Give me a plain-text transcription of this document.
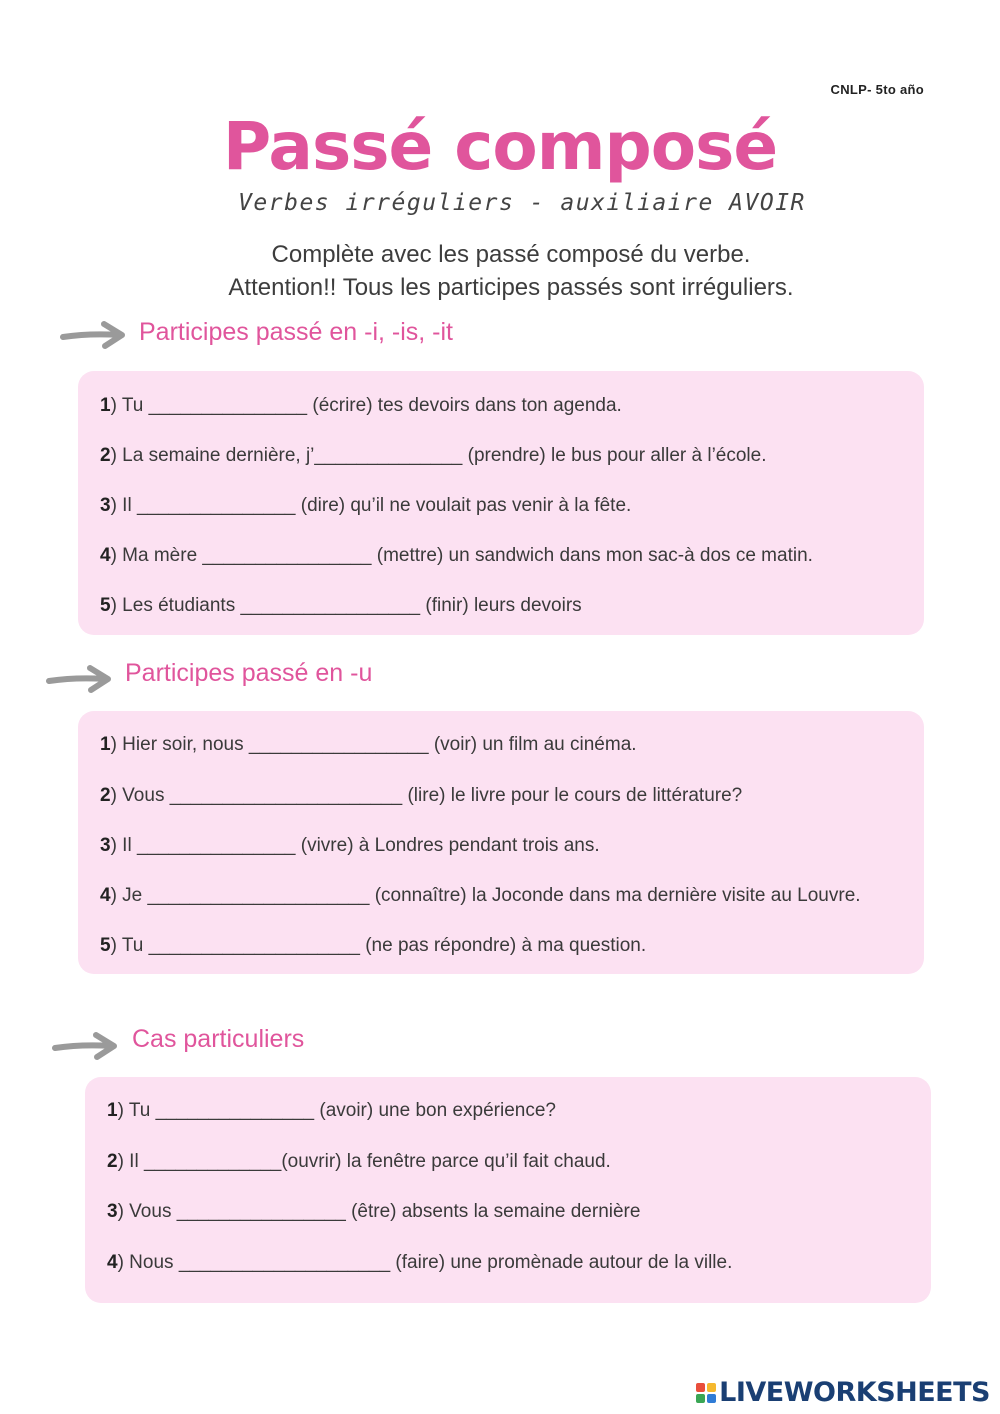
CNLP- 5to año
Passé composé
Verbes irréguliers - auxiliaire AVOIR
Complète avec les passé composé du verbe.
Attention!! Tous les participes passés sont irréguliers.
Participes passé en -i, -is, -it
1) Tu _______________ (écrire) tes devoirs dans ton agenda.
2) La semaine dernière, j’______________ (prendre) le bus pour aller à l’école.
3) Il _______________ (dire) qu’il ne voulait pas venir à la fête.
4) Ma mère ________________ (mettre) un sandwich dans mon sac-à dos ce matin.
5) Les étudiants _________________ (finir) leurs devoirs
Participes passé en -u
1) Hier soir, nous _________________ (voir) un film au cinéma.
2) Vous ______________________ (lire) le livre pour le cours de littérature?
3) Il _______________ (vivre) à Londres pendant trois ans.
4) Je _____________________ (connaître) la Joconde dans ma dernière visite au Louvre.
5) Tu ____________________ (ne pas répondre) à ma question.
Cas particuliers
1) Tu _______________ (avoir) une bon expérience?
2) Il _____________(ouvrir) la fenêtre parce qu’il fait chaud.
3) Vous ________________ (être) absents la semaine dernière
4) Nous ____________________ (faire) une promènade autour de la ville.
LIVEWORKSHEETS
